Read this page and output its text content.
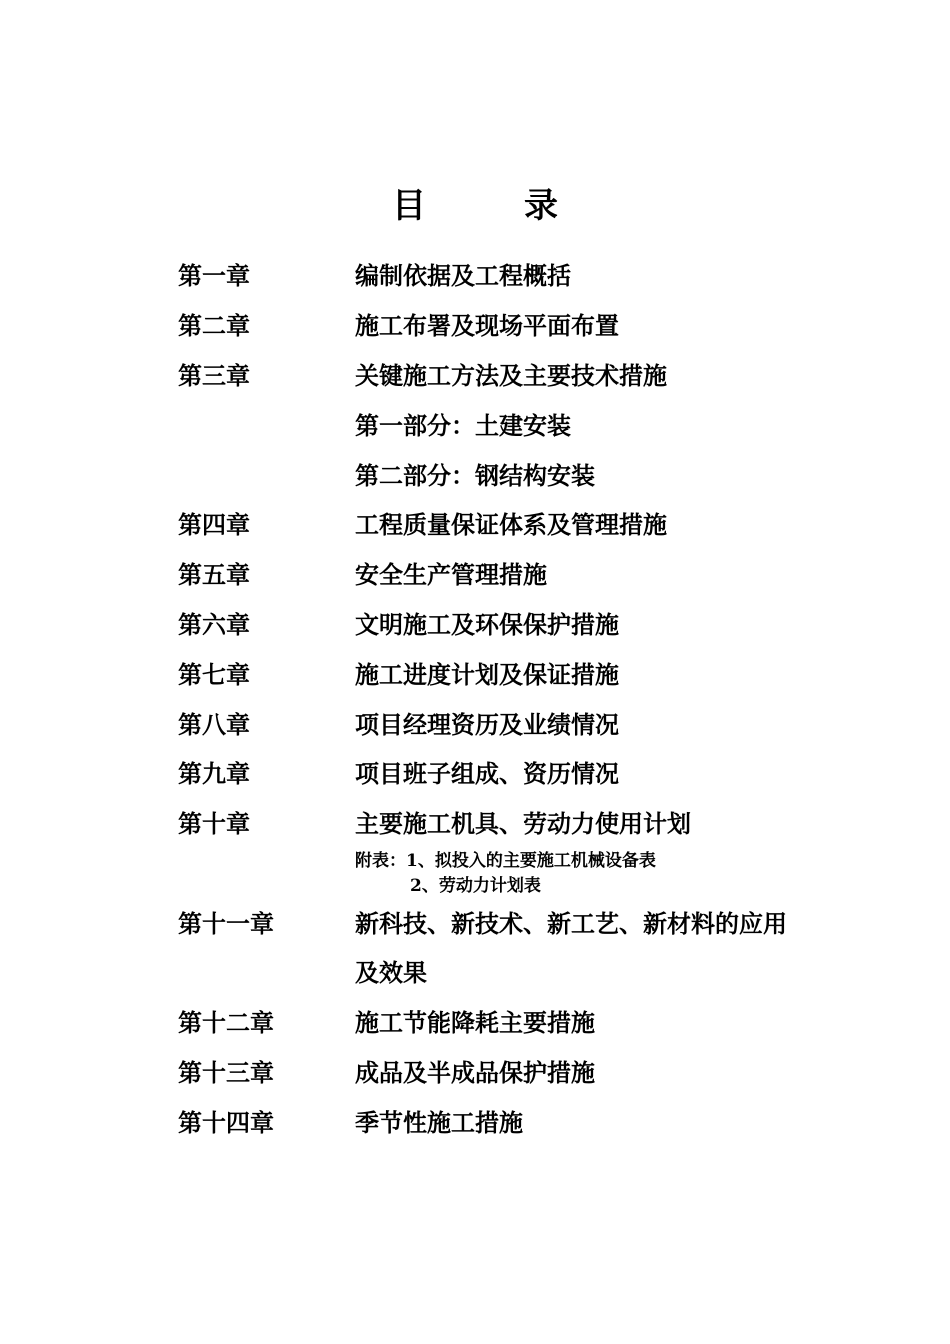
目	录
第一章	编制依据及工程概括
第二章	施工布署及现场平面布置
第三章	关键施工方法及主要技术措施
第一部分：土建安装
第二部分：钢结构安装
第四章	工程质量保证体系及管理措施
第五章	安全生产管理措施
第六章	文明施工及环保保护措施
第七章	施工进度计划及保证措施
第八章	项目经理资历及业绩情况
第九章	项目班子组成、资历情况
第十章	主要施工机具、劳动力使用计划
附表：1、拟投入的主要施工机械设备表
2、劳动力计划表
第十一章	新科技、新技术、新工艺、新材料的应用
及效果
第十二章	施工节能降耗主要措施
第十三章	成品及半成品保护措施
第十四章	季节性施工措施
